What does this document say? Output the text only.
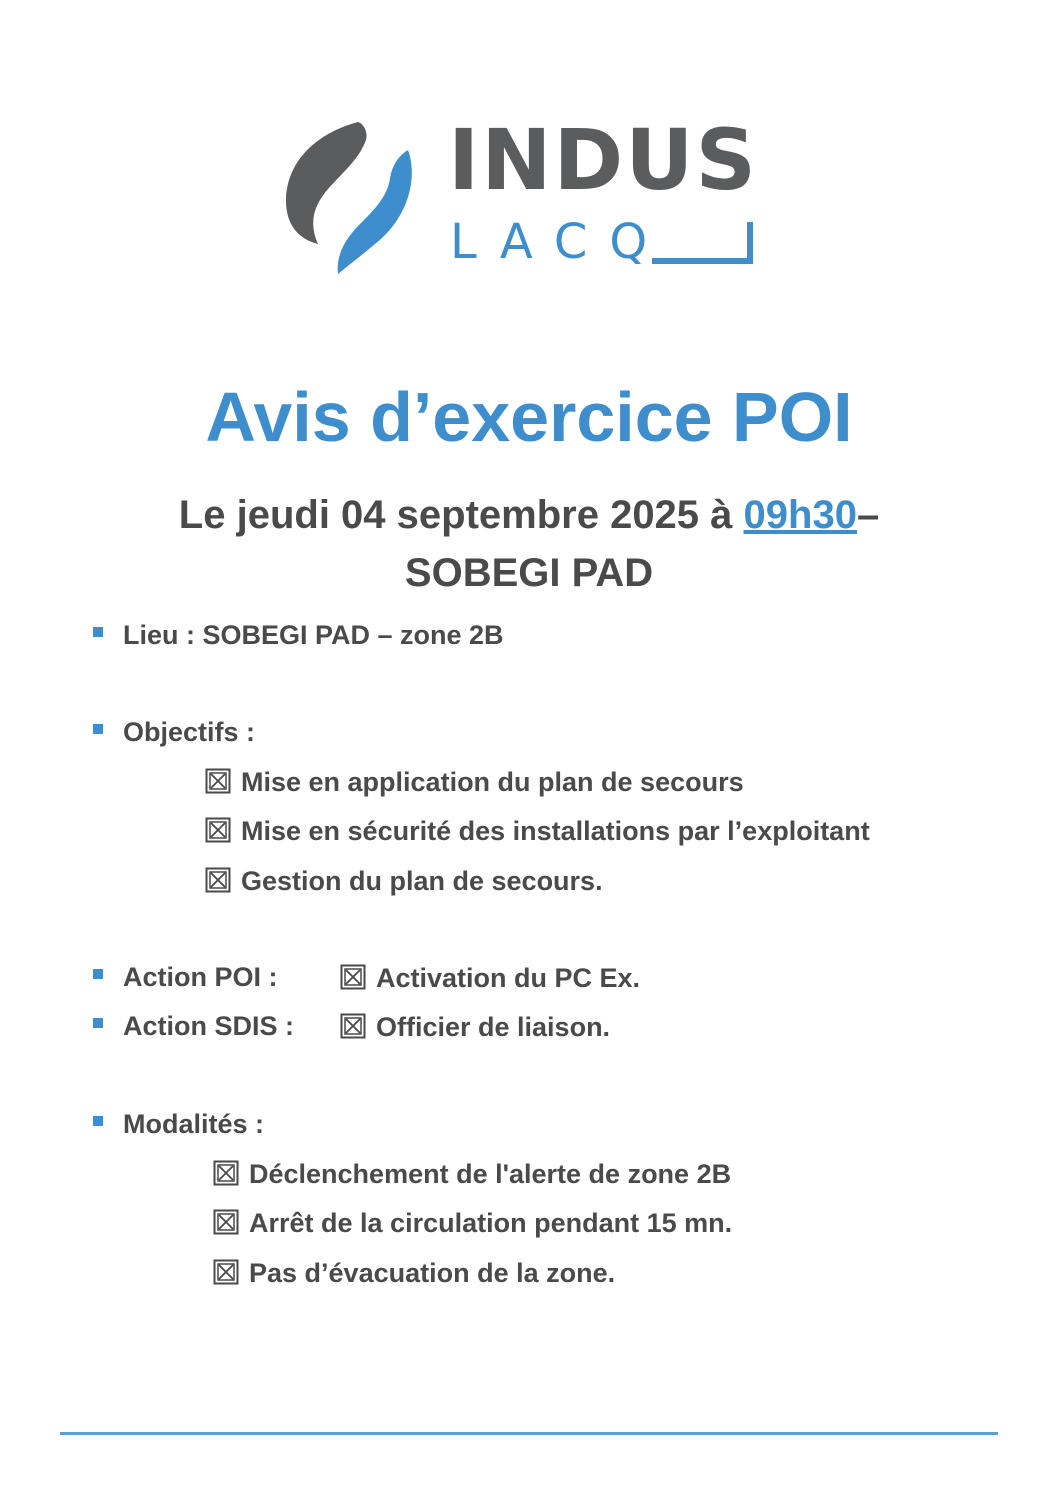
INDUS
LACQ
Avis d’exercice POI
Le jeudi 04 septembre 2025 à 09h30–
SOBEGI PAD
Lieu : SOBEGI PAD – zone 2B
Objectifs :
Mise en application du plan de secours
Mise en sécurité des installations par l’exploitant
Gestion du plan de secours.
Action POI :	Activation du PC Ex.
Action SDIS :	Officier de liaison.
Modalités :
Déclenchement de l'alerte de zone 2B
Arrêt de la circulation pendant 15 mn.
Pas d’évacuation de la zone.
